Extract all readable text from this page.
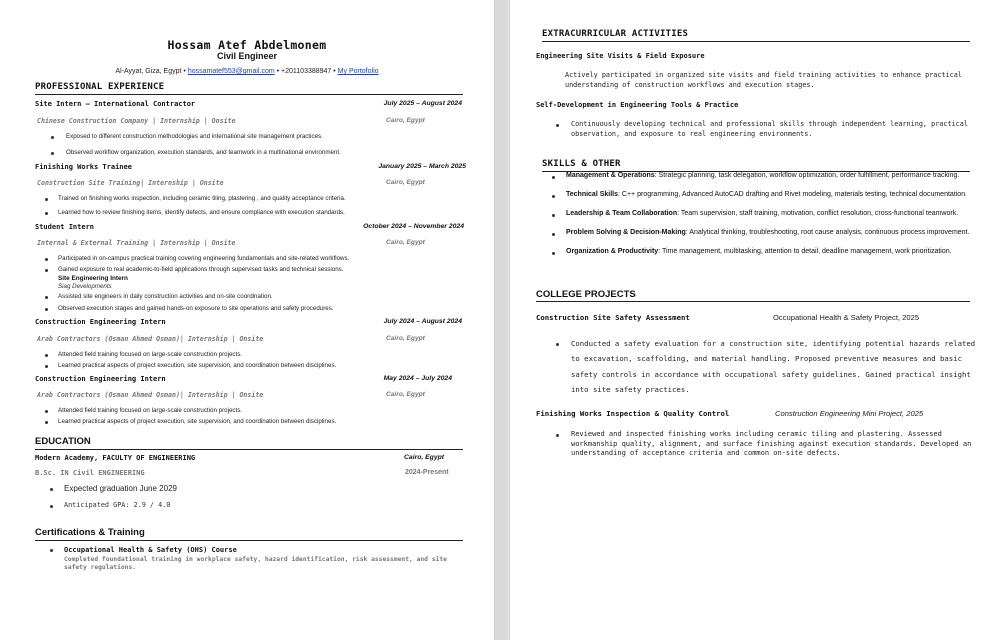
Hossam Atef Abdelmonem
Civil Engineer
Al-Ayyat, Giza, Egypt • hossamatef553@gmail.com • +201103388947 • My Portofolio
PROFESSIONAL EXPERIENCE
Site Intern – International Contractor	July 2025 – August 2024
Chinese Construction Company | Internship | Onsite	Cairo, Egypt
Exposed to different construction methodologies and international site management practices.
Observed workflow organization, execution standards, and teamwork in a multinational environment.
Finishing Works Trainee	January 2025 – March 2025
Construction Site Training| Internship | Onsite	Cairo, Egypt
Trained on finishing works inspection, including ceramic tiling, plastering , and quality acceptance criteria.
Learned how to review finishing items, identify defects, and ensure compliance with execution standards.
Student Intern	October 2024 – November 2024
Internal & External Training | Internship | Onsite	Cairo, Egypt
Participated in on-campus practical training covering engineering fundamentals and site-related workflows.
Gained exposure to real academic-to-field applications through supervised tasks and technical sessions.
Site Engineering Intern
Siag Developments
Assisted site engineers in daily construction activities and on-site coordination.
Observed execution stages and gained hands-on exposure to site operations and safety procedures.
Construction Engineering Intern	July 2024 – August 2024
Arab Contractors (Osman Ahmed Osman)| Internship | Onsite	Cairo, Egypt
Attended field training focused on large-scale construction projects.
Learned practical aspects of project execution, site supervision, and coordination between disciplines.
Construction Engineering Intern	May 2024 – July 2024
Arab Contractors (Osman Ahmed Osman)| Internship | Onsite	Cairo, Egypt
Attended field training focused on large-scale construction projects.
Learned practical aspects of project execution, site supervision, and coordination between disciplines.
EDUCATION
Modern Academy, FACULTY OF ENGINEERING	Cairo, Egypt
B.Sc. IN Civil ENGINEERING	2024-Present
Expected graduation June 2029
Anticipated GPA: 2.9 / 4.0
Certifications & Training
Occupational Health & Safety (OHS) Course
Completed foundational training in workplace safety, hazard identification, risk assessment, and site safety regulations.
EXTRACURRICULAR ACTIVITIES
Engineering Site Visits & Field Exposure
Actively participated in organized site visits and field training activities to enhance practical understanding of construction workflows and execution stages.
Self-Development in Engineering Tools & Practice
Continuously developing technical and professional skills through independent learning, practical observation, and exposure to real engineering environments.
SKILLS & OTHER
Management & Operations: Strategic planning, task delegation, workflow optimization, order fulfillment, performance tracking.
Technical Skills: C++ programming, Advanced AutoCAD drafting and Rivet modeling, materials testing, technical documentation.
Leadership & Team Collaboration: Team supervision, staff training, motivation, conflict resolution, cross-functional teamwork.
Problem Solving & Decision-Making: Analytical thinking, troubleshooting, root cause analysis, continuous process improvement.
Organization & Productivity: Time management, multitasking, attention to detail, deadline management, work prioritization.
COLLEGE PROJECTS
Construction Site Safety Assessment	Occupational Health & Safety Project, 2025
Conducted a safety evaluation for a construction site, identifying potential hazards related to excavation, scaffolding, and material handling. Proposed preventive measures and basic safety controls in accordance with occupational safety guidelines. Gained practical insight into site safety practices.
Finishing Works Inspection & Quality Control	Construction Engineering Mini Project, 2025
Reviewed and inspected finishing works including ceramic tiling and plastering. Assessed workmanship quality, alignment, and surface finishing against execution standards. Developed an understanding of acceptance criteria and common on-site defects.
